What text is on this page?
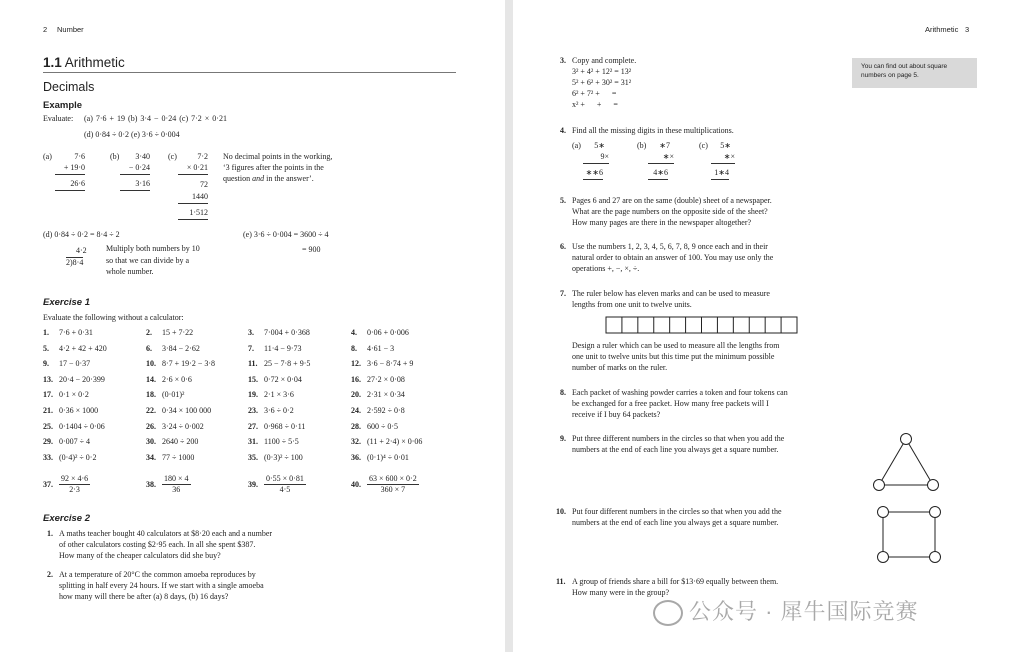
2 Number
1.1 Arithmetic
Decimals
Example
Evaluate: (a) 7·6 + 19 (b) 3·4 − 0·24 (c) 7·2 × 0·21
(d) 0·84 ÷ 0·2 (e) 3·6 ÷ 0·004
(a)	7·6
+ 19·0
26·6
(b)	3·40
− 0·24
3·16
(c)	7·2
× 0·21
72
1440
1·512
No decimal points in the working,
‘3 figures after the points in the
question and in the answer’.
(d) 0·84 ÷ 0·2 = 8·4 ÷ 2
4·2
2)8·4
Multiply both numbers by 10
so that we can divide by a
whole number.
(e) 3·6 ÷ 0·004 = 3600 ÷ 4
= 900
Exercise 1
Evaluate the following without a calculator:
1. 7·6 + 0·31	2. 15 + 7·22	3. 7·004 + 0·368	4. 0·06 + 0·006
5. 4·2 + 42 + 420	6. 3·84 − 2·62	7. 11·4 − 9·73	8. 4·61 − 3
9. 17 − 0·37	10. 8·7 + 19·2 − 3·8	11. 25 − 7·8 + 9·5	12. 3·6 − 8·74 + 9
13. 20·4 − 20·399	14. 2·6 × 0·6	15. 0·72 × 0·04	16. 27·2 × 0·08
17. 0·1 × 0·2	18. (0·01)²	19. 2·1 × 3·6	20. 2·31 × 0·34
21. 0·36 × 1000	22. 0·34 × 100 000	23. 3·6 ÷ 0·2	24. 2·592 ÷ 0·8
25. 0·1404 ÷ 0·06	26. 3·24 ÷ 0·002	27. 0·968 ÷ 0·11	28. 600 ÷ 0·5
29. 0·007 ÷ 4	30. 2640 ÷ 200	31. 1100 ÷ 5·5	32. (11 + 2·4) × 0·06
33. (0·4)² ÷ 0·2	34. 77 ÷ 1000	35. (0·3)² ÷ 100	36. (0·1)⁴ ÷ 0·01
37. $\frac{92 \times 4\cdot 6}{2\cdot 3}$	38. $\frac{180 \times 4}{36}$	39. $\frac{0\cdot 55 \times 0\cdot 81}{4\cdot 5}$	40. $\frac{63 \times 600 \times 0\cdot 2}{360 \times 7}$
Exercise 2
1. A maths teacher bought 40 calculators at $8·20 each and a number
of other calculators costing $2·95 each. In all she spent $387.
How many of the cheaper calculators did she buy?
2. At a temperature of 20°C the common amoeba reproduces by
splitting in half every 24 hours. If we start with a single amoeba
how many will there be after (a) 8 days, (b) 16 days?
Arithmetic 3
You can find out about square
numbers on page 5.
3. Copy and complete.
3² + 4² + 12² = 13²
5² + 6² + 30² = 31²
6² + 7² +      =
x² +      +      =
4. Find all the missing digits in these multiplications.
(a)	5∗
9×
∗∗6
(b)	∗7
∗×
4∗6
(c)	5∗
∗×
1∗4
5. Pages 6 and 27 are on the same (double) sheet of a newspaper.
What are the page numbers on the opposite side of the sheet?
How many pages are there in the newspaper altogether?
6. Use the numbers 1, 2, 3, 4, 5, 6, 7, 8, 9 once each and in their
natural order to obtain an answer of 100. You may use only the
operations +, −, ×, ÷.
7. The ruler below has eleven marks and can be used to measure
lengths from one unit to twelve units.
Design a ruler which can be used to measure all the lengths from
one unit to twelve units but this time put the minimum possible
number of marks on the ruler.
8. Each packet of washing powder carries a token and four tokens can
be exchanged for a free packet. How many free packets will I
receive if I buy 64 packets?
9. Put three different numbers in the circles so that when you add the
numbers at the end of each line you always get a square number.
10. Put four different numbers in the circles so that when you add the
numbers at the end of each line you always get a square number.
11. A group of friends share a bill for $13·69 equally between them.
How many were in the group?
公众号 · 犀牛国际竞赛
